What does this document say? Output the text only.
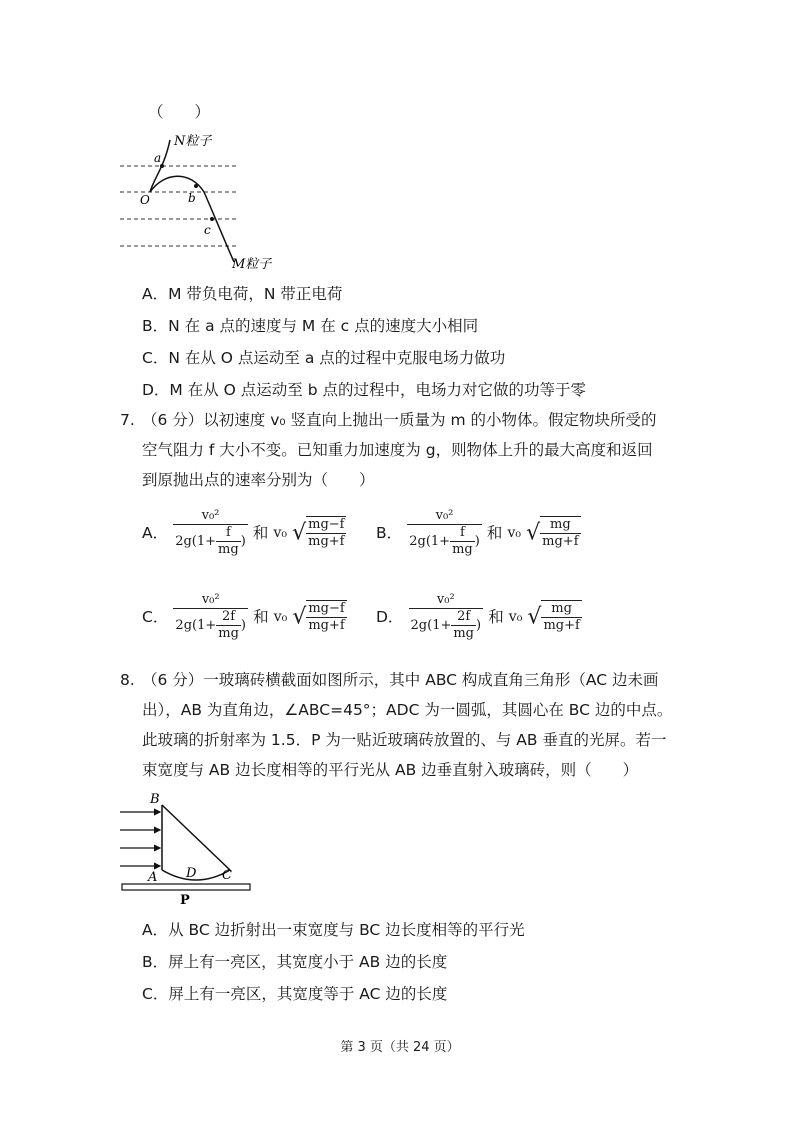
（　　）
N粒子
a
O	b
c
M粒子
A．M 带负电荷，N 带正电荷
B．N 在 a 点的速度与 M 在 c 点的速度大小相同
C．N 在从 O 点运动至 a 点的过程中克服电场力做功
D．M 在从 O 点运动至 b 点的过程中，电场力对它做的功等于零
7. （6 分）以初速度 v₀ 竖直向上抛出一质量为 m 的小物体。假定物块所受的
空气阻力 f 大小不变。已知重力加速度为 g，则物体上升的最大高度和返回
到原抛出点的速率分别为（　　）
A． $\frac{\text{v₀²}}{2g(1+ \frac{f}{mg} )}$ 和 v₀ √ $\frac{mg-f}{mg+f}$ B． $\frac{\text{v₀²}}{2g(1+ \frac{f}{mg} )}$ 和 v₀ √ $\frac{mg}{mg+f}$
C． $\frac{\text{v₀²}}{2g(1+ \frac{2f}{mg} )}$ 和 v₀ √ $\frac{mg-f}{mg+f}$ D． $\frac{\text{v₀²}}{2g(1+ \frac{2f}{mg} )}$ 和 v₀ √ $\frac{mg}{mg+f}$
8. （6 分）一玻璃砖横截面如图所示，其中 ABC 构成直角三角形（AC 边未画
出），AB 为直角边，∠ABC=45°；ADC 为一圆弧，其圆心在 BC 边的中点。
此玻璃的折射率为 1.5．P 为一贴近玻璃砖放置的、与 AB 垂直的光屏。若一
束宽度与 AB 边长度相等的平行光从 AB 边垂直射入玻璃砖，则（　　）
B
A D C
P
A．从 BC 边折射出一束宽度与 BC 边长度相等的平行光
B．屏上有一亮区，其宽度小于 AB 边的长度
C．屏上有一亮区，其宽度等于 AC 边的长度
第 3 页（共 24 页）
